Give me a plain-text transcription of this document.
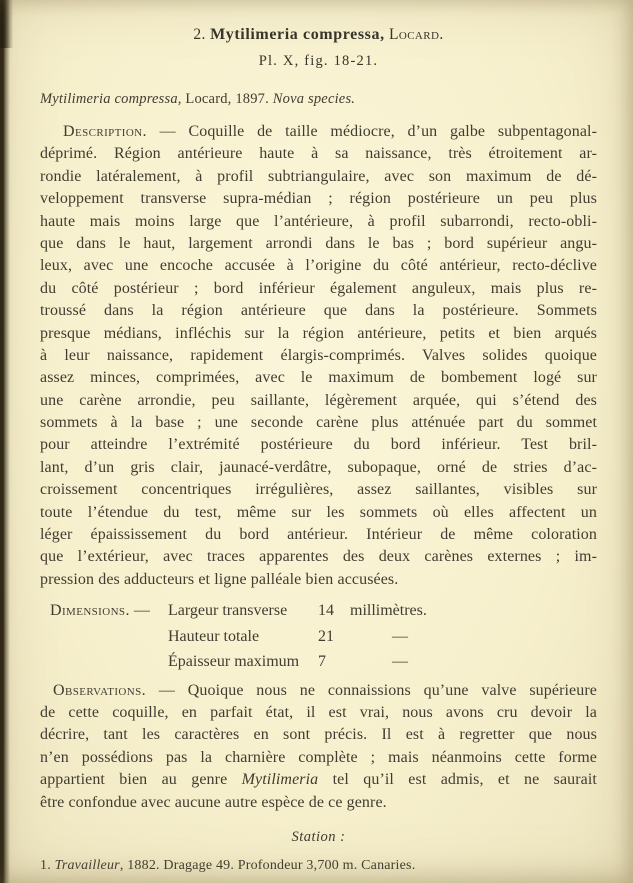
2. Mytilimeria compressa, Locard.
Pl. X, fig. 18-21.
Mytilimeria compressa, Locard, 1897. Nova species.
Description. — Coquille de taille médiocre, d’un galbe subpentagonal-
déprimé. Région antérieure haute à sa naissance, très étroitement ar-
rondie latéralement, à profil subtriangulaire, avec son maximum de dé-
veloppement transverse supra-médian ; région postérieure un peu plus
haute mais moins large que l’antérieure, à profil subarrondi, recto-obli-
que dans le haut, largement arrondi dans le bas ; bord supérieur angu-
leux, avec une encoche accusée à l’origine du côté antérieur, recto-déclive
du côté postérieur ; bord inférieur également anguleux, mais plus re-
troussé dans la région antérieure que dans la postérieure. Sommets
presque médians, infléchis sur la région antérieure, petits et bien arqués
à leur naissance, rapidement élargis-comprimés. Valves solides quoique
assez minces, comprimées, avec le maximum de bombement logé sur
une carène arrondie, peu saillante, légèrement arquée, qui s’étend des
sommets à la base ; une seconde carène plus atténuée part du sommet
pour atteindre l’extrémité postérieure du bord inférieur. Test bril-
lant, d’un gris clair, jaunacé-verdâtre, subopaque, orné de stries d’ac-
croissement concentriques irrégulières, assez saillantes, visibles sur
toute l’étendue du test, même sur les sommets où elles affectent un
léger épaississement du bord antérieur. Intérieur de même coloration
que l’extérieur, avec traces apparentes des deux carènes externes ; im-
pression des adducteurs et ligne palléale bien accusées.
Dimensions. —	Largeur transverse	14	millimètres.
Hauteur totale	21	—
Épaisseur maximum	7	—
Observations. — Quoique nous ne connaissions qu’une valve supérieure
de cette coquille, en parfait état, il est vrai, nous avons cru devoir la
décrire, tant les caractères en sont précis. Il est à regretter que nous
n’en possédions pas la charnière complète ; mais néanmoins cette forme
appartient bien au genre Mytilimeria tel qu’il est admis, et ne saurait
être confondue avec aucune autre espèce de ce genre.
Station :
1. Travailleur, 1882. Dragage 49. Profondeur 3,700 m. Canaries.
